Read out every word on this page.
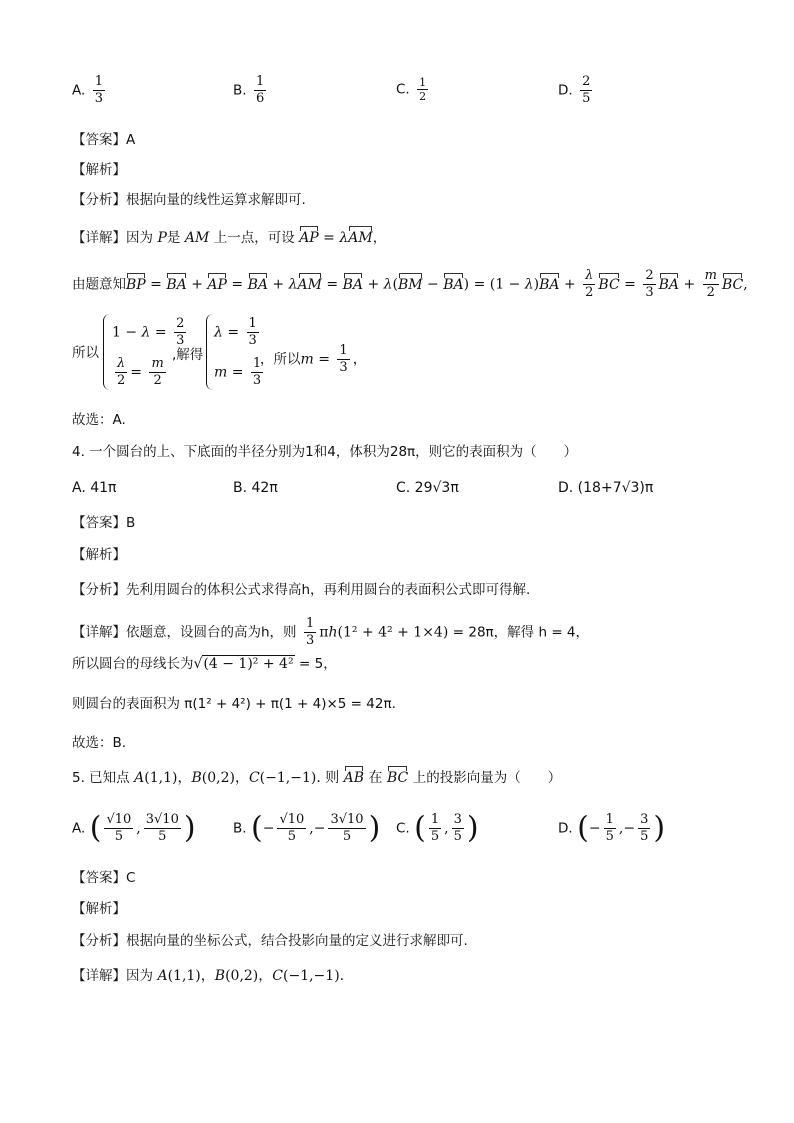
A. $\frac{1}{3}$	B. $\frac{1}{6}$	C. $\frac{1}{2}$	D. $\frac{2}{5}$
【答案】A
【解析】
【分析】根据向量的线性运算求解即可.
【详解】因为 P是 AM 上一点，可设 AP = λAM，
由题意知BP = BA + AP = BA + λAM = BA + $\lambda(BM - BA) = (1 - \lambda)BA + \frac{\lambda}{2}$ BC = $\frac{2}{3}$ BA + $\frac{m}{2}$ BC,
所以
$1 - \lambda = \frac{2}{3}$
$\frac{\lambda}{2} = \frac{m}{2}$
,解得
$\lambda = \frac{1}{3}$
$m = \frac{1}{3}$
，所以$m = \frac{1}{3}$ ，
故选：A.
4. 一个圆台的上、下底面的半径分别为1和4，体积为28π，则它的表面积为（　　）
A. 41π	B. 42π	C. 29√3π	D. (18+7√3)π
【答案】B
【解析】
【分析】先利用圆台的体积公式求得高h，再利用圆台的表面积公式即可得解.
【详解】依题意，设圆台的高为h，则 $\frac{1}{3} \pi h(1^2 + 4^2 + 1\times 4) = 28\pi$，解得 h = 4，
所以圆台的母线长为√(4 − 1)² + 4² = 5，
则圆台的表面积为 π(1² + 4²) + π(1 + 4)×5 = 42π.
故选：B.
5. 已知点 A(1,1)，B(0,2)，C(−1,−1). 则 AB 在 BC 上的投影向量为（　　）
A. ( $\frac{√10}{5}$ , $\frac{3√10}{5}$ )	B. (− $\frac{√10}{5}$ ,− $\frac{3√10}{5}$ ) C. ( $\frac{1}{5}$ , $\frac{3}{5}$ )	D. (− $\frac{1}{5}$ ,− $\frac{3}{5}$ )
【答案】C
【解析】
【分析】根据向量的坐标公式，结合投影向量的定义进行求解即可.
【详解】因为 A(1,1)，B(0,2)，C(−1,−1).
